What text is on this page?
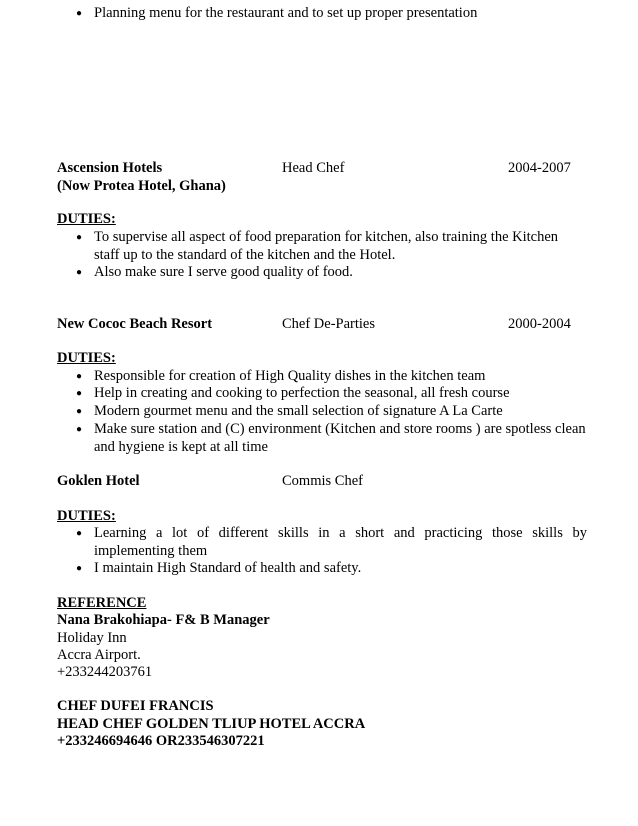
● Planning menu for the restaurant and to set up proper presentation
Ascension Hotels	Head Chef	2004-2007
(Now Protea Hotel, Ghana)
DUTIES:
● To supervise all aspect of food preparation for kitchen, also training the Kitchen staff up to the standard of the kitchen and the Hotel.
● Also make sure I serve good quality of food.
New Cococ Beach Resort	Chef De-Parties	2000-2004
DUTIES:
● Responsible for creation of High Quality dishes in the kitchen team
● Help in creating and cooking to perfection the seasonal, all fresh course
● Modern gourmet menu and the small selection of signature A La Carte
● Make sure station and (C) environment (Kitchen and store rooms ) are spotless clean and hygiene is kept at all time
Goklen Hotel	Commis Chef
DUTIES:
● Learning a lot of different skills in a short and practicing those skills by implementing them
● I maintain High Standard of health and safety.
REFERENCE
Nana Brakohiapa- F& B Manager
Holiday Inn
Accra Airport.
+233244203761
CHEF DUFEI FRANCIS
HEAD CHEF GOLDEN TLIUP HOTEL ACCRA
+233246694646 OR233546307221
